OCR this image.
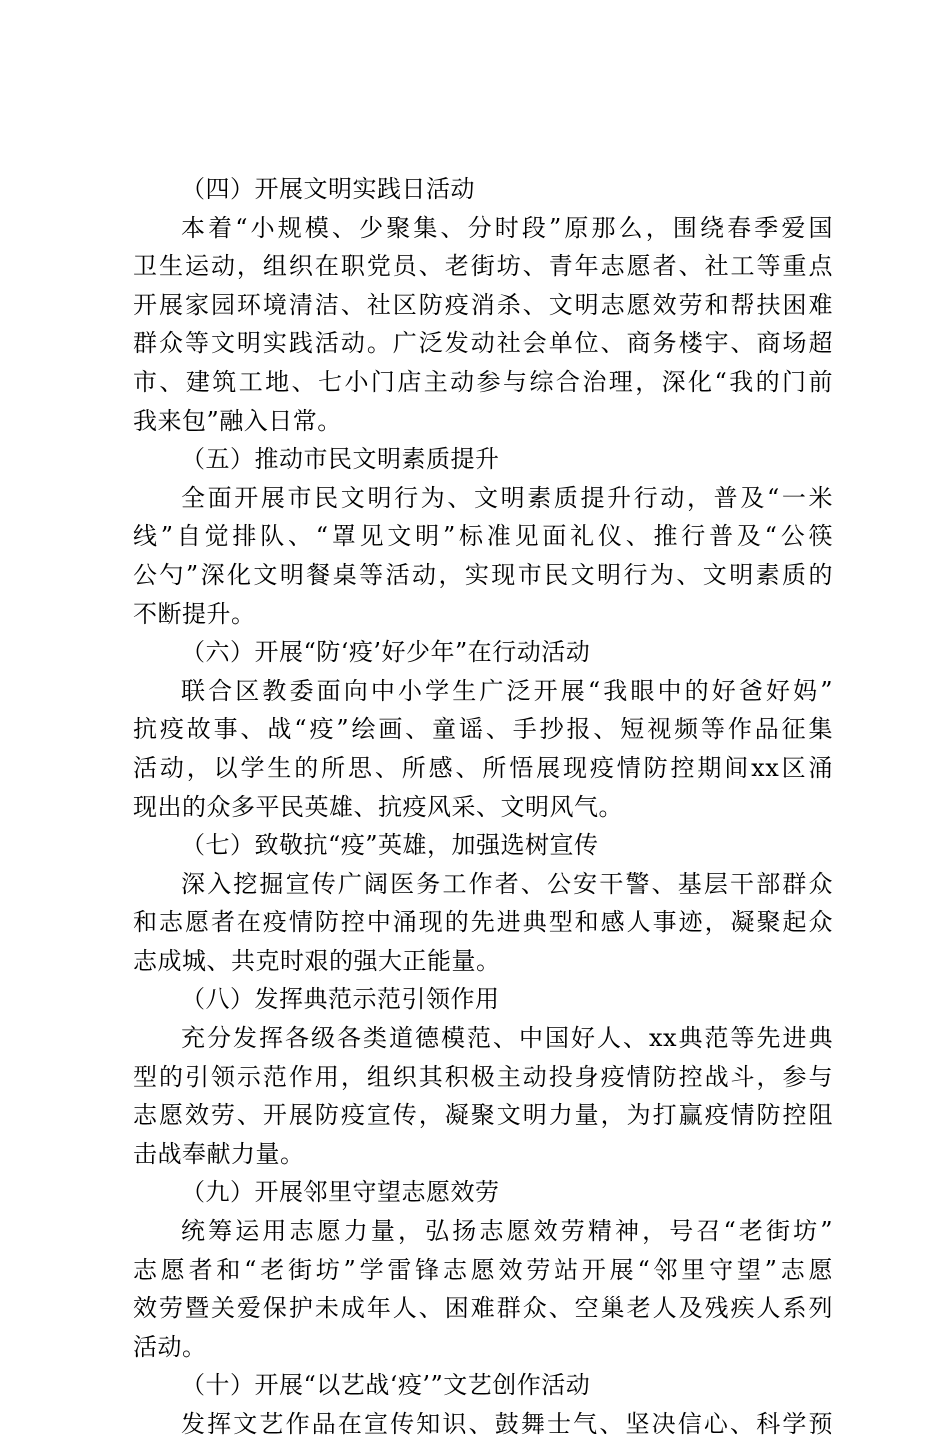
（四）开展文明实践日活动
本着“小规模、少聚集、分时段”原那么，围绕春季爱国
卫生运动，组织在职党员、老街坊、青年志愿者、社工等重点
开展家园环境清洁、社区防疫消杀、文明志愿效劳和帮扶困难
群众等文明实践活动。广泛发动社会单位、商务楼宇、商场超
市、建筑工地、七小门店主动参与综合治理，深化“我的门前
我来包”融入日常。
（五）推动市民文明素质提升
全面开展市民文明行为、文明素质提升行动，普及“一米
线”自觉排队、“罩见文明”标准见面礼仪、推行普及“公筷
公勺”深化文明餐桌等活动，实现市民文明行为、文明素质的
不断提升。
（六）开展“防‘疫’好少年”在行动活动
联合区教委面向中小学生广泛开展“我眼中的好爸好妈”
抗疫故事、战“疫”绘画、童谣、手抄报、短视频等作品征集
活动，以学生的所思、所感、所悟展现疫情防控期间xx区涌
现出的众多平民英雄、抗疫风采、文明风气。
（七）致敬抗“疫”英雄，加强选树宣传
深入挖掘宣传广阔医务工作者、公安干警、基层干部群众
和志愿者在疫情防控中涌现的先进典型和感人事迹，凝聚起众
志成城、共克时艰的强大正能量。
（八）发挥典范示范引领作用
充分发挥各级各类道德模范、中国好人、xx典范等先进典
型的引领示范作用，组织其积极主动投身疫情防控战斗，参与
志愿效劳、开展防疫宣传，凝聚文明力量，为打赢疫情防控阻
击战奉献力量。
（九）开展邻里守望志愿效劳
统筹运用志愿力量，弘扬志愿效劳精神，号召“老街坊”
志愿者和“老街坊”学雷锋志愿效劳站开展“邻里守望”志愿
效劳暨关爱保护未成年人、困难群众、空巢老人及残疾人系列
活动。
（十）开展“以艺战‘疫’”文艺创作活动
发挥文艺作品在宣传知识、鼓舞士气、坚决信心、科学预
